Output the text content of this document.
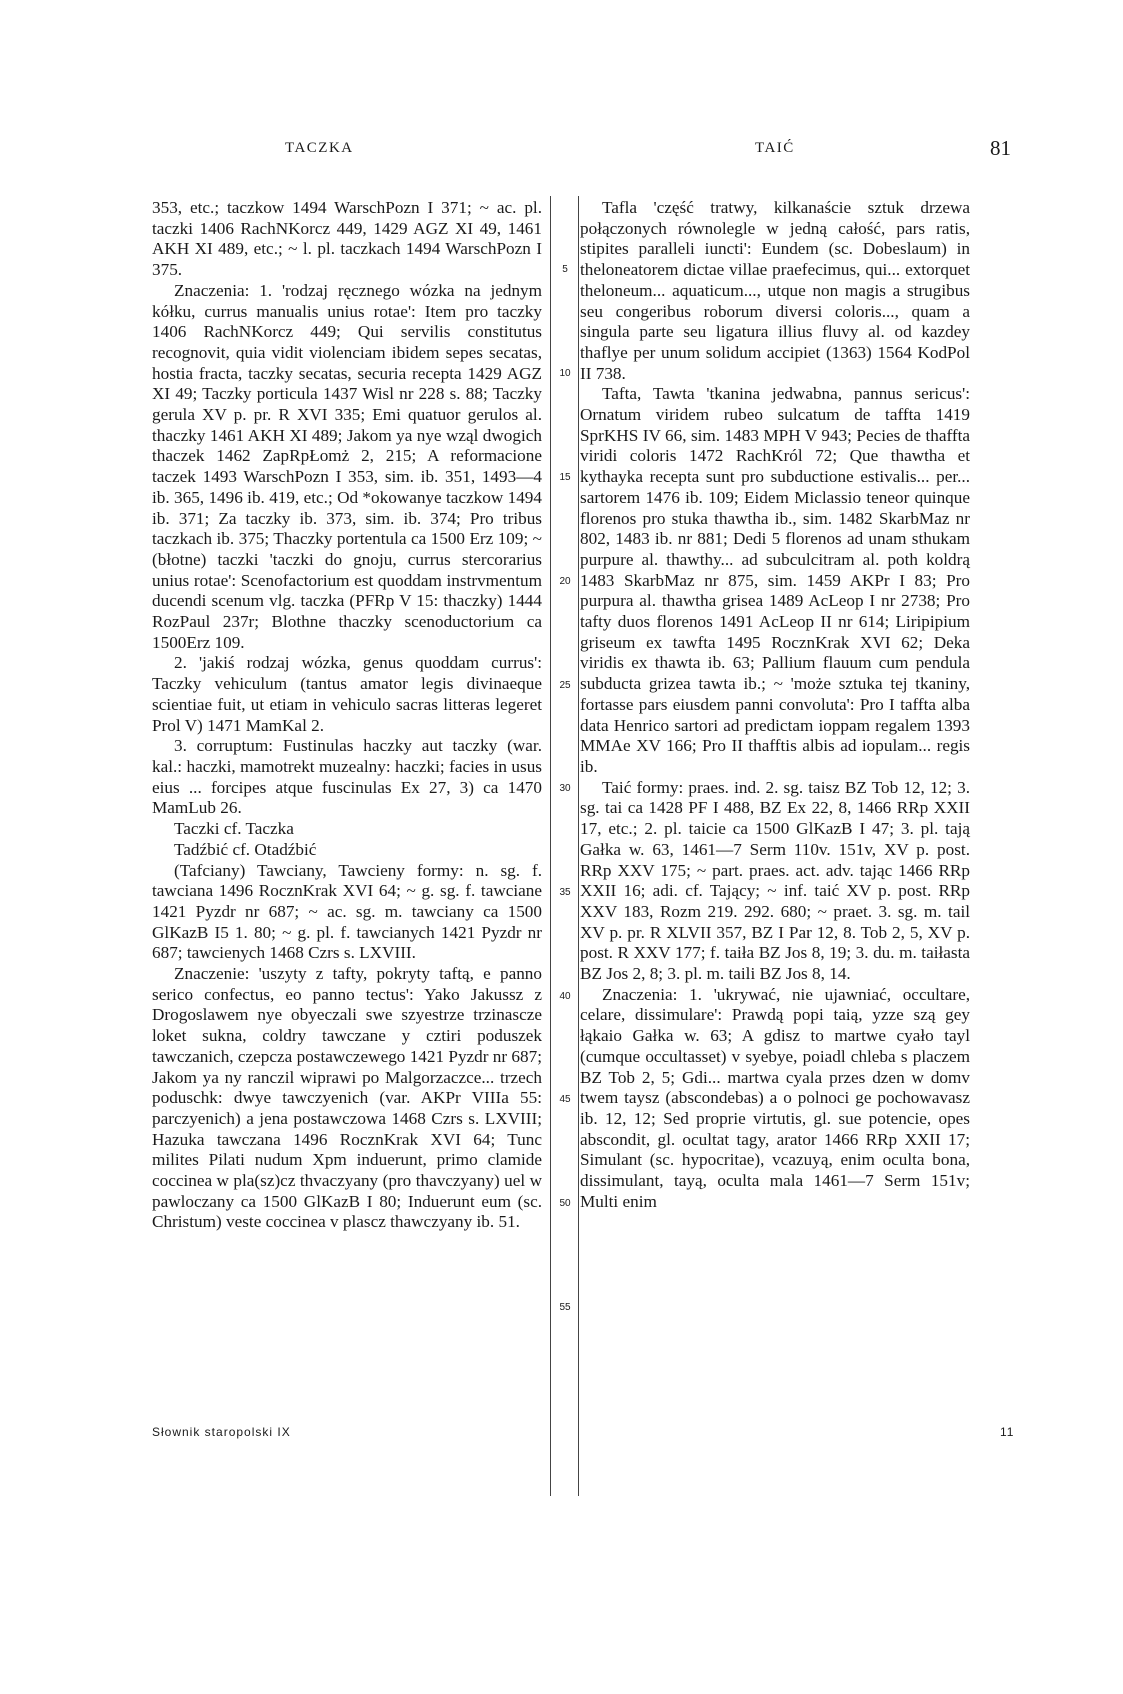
TACZKA	TAIĆ	81

353, etc.; taczkow 1494 WarschPozn I 371; ~ ac. pl. taczki 1406 RachNKorcz 449, 1429 AGZ XI 49, 1461 AKH XI 489, etc.; ~ l. pl. taczkach 1494 WarschPozn I 375.

Znaczenia: 1. 'rodzaj ręcznego wózka na jednym kółku, currus manualis unius rotae': Item pro taczky 1406 RachNKorcz 449; Qui servilis constitutus recognovit, quia vidit violenciam ibidem sepes secatas, hostia fracta, taczky secatas, securia recepta 1429 AGZ XI 49; Taczky porticula 1437 Wisl nr 228 s. 88; Taczky gerula XV p. pr. R XVI 335; Emi quatuor gerulos al. thaczky 1461 AKH XI 489; Jakom ya nye wząl dwogich thaczek 1462 ZapRpŁomż 2, 215; A reformacione taczek 1493 WarschPozn I 353, sim. ib. 351, 1493—4 ib. 365, 1496 ib. 419, etc.; Od *okowanye taczkow 1494 ib. 371; Za taczky ib. 373, sim. ib. 374; Pro tribus taczkach ib. 375; Thaczky portentula ca 1500 Erz 109; ~ (błotne) taczki 'taczki do gnoju, currus stercorarius unius rotae': Scenofactorium est quoddam instrvmentum ducendi scenum vlg. taczka (PFRp V 15: thaczky) 1444 RozPaul 237r; Blothne thaczky scenoductorium ca 1500Erz 109.

2. 'jakiś rodzaj wózka, genus quoddam currus': Taczky vehiculum (tantus amator legis divinaeque scientiae fuit, ut etiam in vehiculo sacras litteras legeret Prol V) 1471 MamKal 2.

3. corruptum: Fustinulas haczky aut taczky (war. kal.: haczki, mamotrekt muzealny: haczki; facies in usus eius ... forcipes atque fuscinulas Ex 27, 3) ca 1470 MamLub 26.

Taczki cf. Taczka

Tadźbić cf. Otadźbić

(Tafciany) Tawciany, Tawcieny formy: n. sg. f. tawciana 1496 RocznKrak XVI 64; ~ g. sg. f. tawciane 1421 Pyzdr nr 687; ~ ac. sg. m. tawciany ca 1500 GlKazB I5 1. 80; ~ g. pl. f. tawcianych 1421 Pyzdr nr 687; tawcienych 1468 Czrs s. LXVIII.

Znaczenie: 'uszyty z tafty, pokryty taftą, e panno serico confectus, eo panno tectus': Yako Jakussz z Drogoslawem nye obyeczali swe szyestrze trzinascze loket sukna, coldry tawczane y cztiri poduszek tawczanich, czepcza postawczewego 1421 Pyzdr nr 687; Jakom ya ny ranczil wiprawi po Malgorzaczce... trzech poduschk: dwye tawczyenich (var. AKPr VIIIa 55: parczyenich) a jena postawczowa 1468 Czrs s. LXVIII; Hazuka tawczana 1496 RocznKrak XVI 64; Tunc milites Pilati nudum Xpm induerunt, primo clamide coccinea w pla(sz)cz thvaczyany (pro thavczyany) uel w pawloczany ca 1500 GlKazB I 80; Induerunt eum (sc. Christum) veste coccinea v plascz thawczyany ib. 51.

5
10
15
20
25
30
35
40
45
50
55

Tafla 'część tratwy, kilkanaście sztuk drzewa połączonych równolegle w jedną całość, pars ratis, stipites paralleli iuncti': Eundem (sc. Dobeslaum) in theloneatorem dictae villae praefecimus, qui... extorquet theloneum... aquaticum..., utque non magis a strugibus seu congeribus roborum diversi coloris..., quam a singula parte seu ligatura illius fluvy al. od kazdey thaflye per unum solidum accipiet (1363) 1564 KodPol II 738.

Tafta, Tawta 'tkanina jedwabna, pannus sericus': Ornatum viridem rubeo sulcatum de taffta 1419 SprKHS IV 66, sim. 1483 MPH V 943; Pecies de thaffta viridi coloris 1472 RachKról 72; Que thawtha et kythayka recepta sunt pro subductione estivalis... per... sartorem 1476 ib. 109; Eidem Miclassio teneor quinque florenos pro stuka thawtha ib., sim. 1482 SkarbMaz nr 802, 1483 ib. nr 881; Dedi 5 florenos ad unam sthukam purpure al. thawthy... ad subculcitram al. poth koldrą 1483 SkarbMaz nr 875, sim. 1459 AKPr I 83; Pro purpura al. thawtha grisea 1489 AcLeop I nr 2738; Pro tafty duos florenos 1491 AcLeop II nr 614; Liripipium griseum ex tawfta 1495 RocznKrak XVI 62; Deka viridis ex thawta ib. 63; Pallium flauum cum pendula subducta grizea tawta ib.; ~ 'może sztuka tej tkaniny, fortasse pars eiusdem panni convoluta': Pro I taffta alba data Henrico sartori ad predictam ioppam regalem 1393 MMAe XV 166; Pro II thafftis albis ad iopulam... regis ib.

Taić formy: praes. ind. 2. sg. taisz BZ Tob 12, 12; 3. sg. tai ca 1428 PF I 488, BZ Ex 22, 8, 1466 RRp XXII 17, etc.; 2. pl. taicie ca 1500 GlKazB I 47; 3. pl. tają Gałka w. 63, 1461—7 Serm 110v. 151v, XV p. post. RRp XXV 175; ~ part. praes. act. adv. tając 1466 RRp XXII 16; adi. cf. Tający; ~ inf. taić XV p. post. RRp XXV 183, Rozm 219. 292. 680; ~ praet. 3. sg. m. tail XV p. pr. R XLVII 357, BZ I Par 12, 8. Tob 2, 5, XV p. post. R XXV 177; f. taiła BZ Jos 8, 19; 3. du. m. taiłasta BZ Jos 2, 8; 3. pl. m. taili BZ Jos 8, 14.

Znaczenia: 1. 'ukrywać, nie ujawniać, occultare, celare, dissimulare': Prawdą popi taią, yzze szą gey łąkaio Gałka w. 63; A gdisz to martwe cyało tayl (cumque occultasset) v syebye, poiadl chleba s placzem BZ Tob 2, 5; Gdi... martwa cyala przes dzen w domv twem taysz (abscondebas) a o polnoci ge pochowavasz ib. 12, 12; Sed proprie virtutis, gl. sue potencie, opes abscondit, gl. ocultat tagy, arator 1466 RRp XXII 17; Simulant (sc. hypocritae), vcazuyą, enim oculta bona, dissimulant, tayą, oculta mala 1461—7 Serm 151v; Multi enim

Słownik staropolski IX	11
